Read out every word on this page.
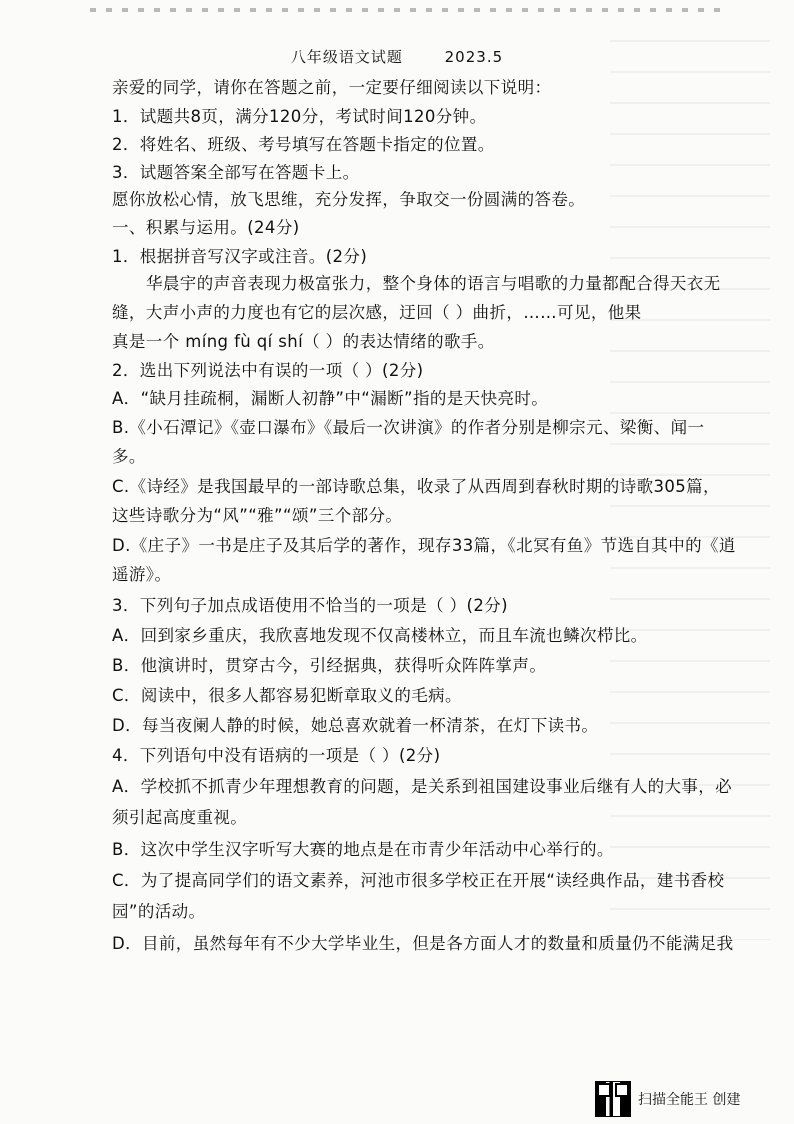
八年级语文试题	2023.5
亲爱的同学，请你在答题之前，一定要仔细阅读以下说明：
1．试题共8页，满分120分，考试时间120分钟。
2．将姓名、班级、考号填写在答题卡指定的位置。
3．试题答案全部写在答题卡上。
愿你放松心情，放飞思维，充分发挥，争取交一份圆满的答卷。
一、积累与运用。(24分)
1．根据拼音写汉字或注音。(2分)
华晨宇的声音表现力极富张力，整个身体的语言与唱歌的力量都配合得天衣无
缝，大声小声的力度也有它的层次感，迂回（ ）曲折，……可见，他果
真是一个 míng fù qí shí（ ）的表达情绪的歌手。
2．选出下列说法中有误的一项（ ）(2分)
A．“缺月挂疏桐，漏断人初静”中“漏断”指的是天快亮时。
B.《小石潭记》《壶口瀑布》《最后一次讲演》的作者分别是柳宗元、梁衡、闻一
多。
C.《诗经》是我国最早的一部诗歌总集，收录了从西周到春秋时期的诗歌305篇，
这些诗歌分为“风”“雅”“颂”三个部分。
D.《庄子》一书是庄子及其后学的著作，现存33篇，《北冥有鱼》节选自其中的《逍
遥游》。
3．下列句子加点成语使用不恰当的一项是（ ）(2分)
A．回到家乡重庆，我欣喜地发现不仅高楼林立，而且车流也鳞次栉比。
B．他演讲时，贯穿古今，引经据典，获得听众阵阵掌声。
C．阅读中，很多人都容易犯断章取义的毛病。
D．每当夜阑人静的时候，她总喜欢就着一杯清茶，在灯下读书。
4．下列语句中没有语病的一项是（ ）(2分)
A．学校抓不抓青少年理想教育的问题，是关系到祖国建设事业后继有人的大事，必
须引起高度重视。
B．这次中学生汉字听写大赛的地点是在市青少年活动中心举行的。
C．为了提高同学们的语文素养，河池市很多学校正在开展“读经典作品，建书香校
园”的活动。
D．目前，虽然每年有不少大学毕业生，但是各方面人才的数量和质量仍不能满足我
扫描全能王 创建
